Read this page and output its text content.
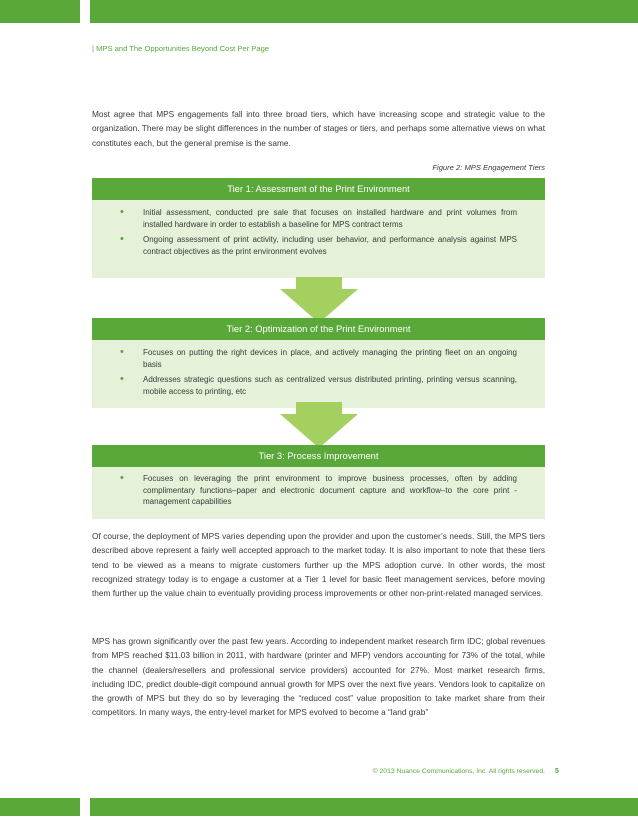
| MPS and The Opportunities Beyond Cost Per Page

Most agree that MPS engagements fall into three broad tiers, which have increasing scope and strategic value to the organization. There may be slight differences in the number of stages or tiers, and perhaps some alternative views on what constitutes each, but the general premise is the same.

Figure 2: MPS Engagement Tiers
Tier 1: Assessment of the Print Environment
• Initial assessment, conducted pre sale that focuses on installed hardware and print volumes from installed hardware in order to establish a baseline for MPS contract terms
• Ongoing assessment of print activity, including user behavior, and performance analysis against MPS contract objectives as the print environment evolves
Tier 2: Optimization of the Print Environment
• Focuses on putting the right devices in place, and actively managing the printing fleet on an ongoing basis
• Addresses strategic questions such as centralized versus distributed printing, printing versus scanning, mobile access to printing, etc
Tier 3: Process Improvement
• Focuses on leveraging the print environment to improve business processes, often by adding complimentary functions–paper and electronic document capture and workflow–to the core print -management capabilities

Of course, the deployment of MPS varies depending upon the provider and upon the customer’s needs. Still, the MPS tiers described above represent a fairly well accepted approach to the market today. It is also important to note that these tiers tend to be viewed as a means to migrate customers further up the MPS adoption curve. In other words, the most recognized strategy today is to engage a customer at a Tier 1 level for basic fleet management services, before moving them further up the value chain to eventually providing process improvements or other non-print-related managed services.

MPS has grown significantly over the past few years. According to independent market research firm IDC; global revenues from MPS reached $11.03 billion in 2011, with hardware (printer and MFP) vendors accounting for 73% of the total, while the channel (dealers/resellers and professional service providers) accounted for 27%. Most market research firms, including IDC, predict double-digit compound annual growth for MPS over the next five years. Vendors look to capitalize on the growth of MPS but they do so by leveraging the “reduced cost” value proposition to take market share from their competitors. In many ways, the entry-level market for MPS evolved to become a “land grab”

© 2013 Nuance Communications, Inc. All rights reserved. 5
